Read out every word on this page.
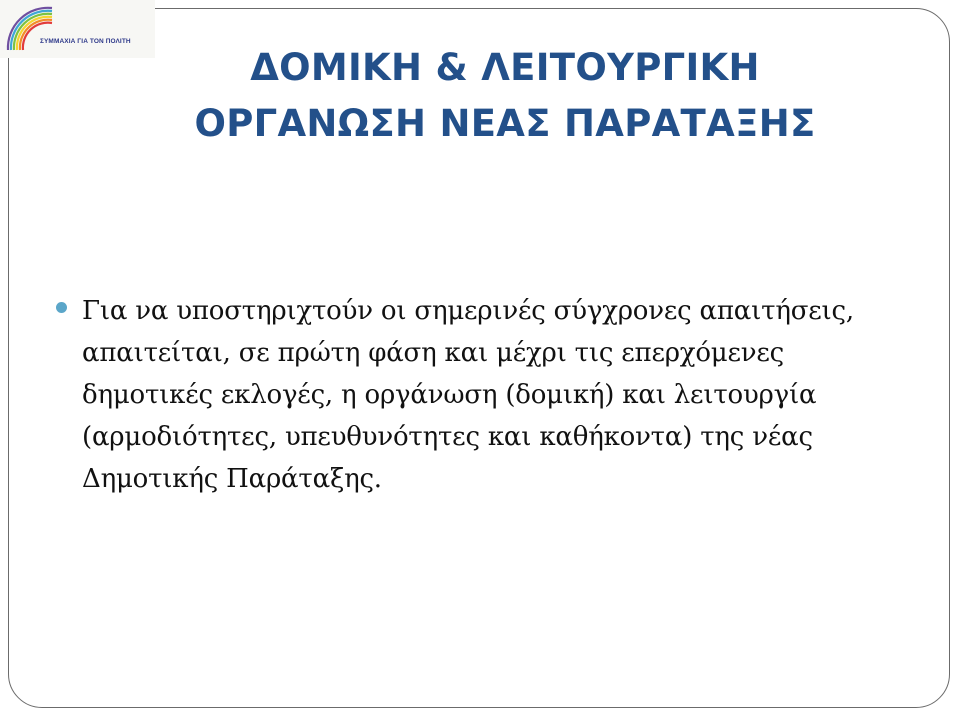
ΣΥΜΜΑΧΙΑ ΓΙΑ ΤΟΝ ΠΟΛΙΤΗ
ΔΟΜΙΚΗ & ΛΕΙΤΟΥΡΓΙΚΗ
ΟΡΓΑΝΩΣΗ ΝΕΑΣ ΠΑΡΑΤΑΞΗΣ
Για να υποστηριχτούν οι σημερινές σύγχρονες απαιτήσεις, απαιτείται, σε πρώτη φάση και μέχρι τις επερχόμενες δημοτικές εκλογές, η οργάνωση (δομική) και λειτουργία (αρμοδιότητες, υπευθυνότητες και καθήκοντα) της νέας Δημοτικής Παράταξης.
